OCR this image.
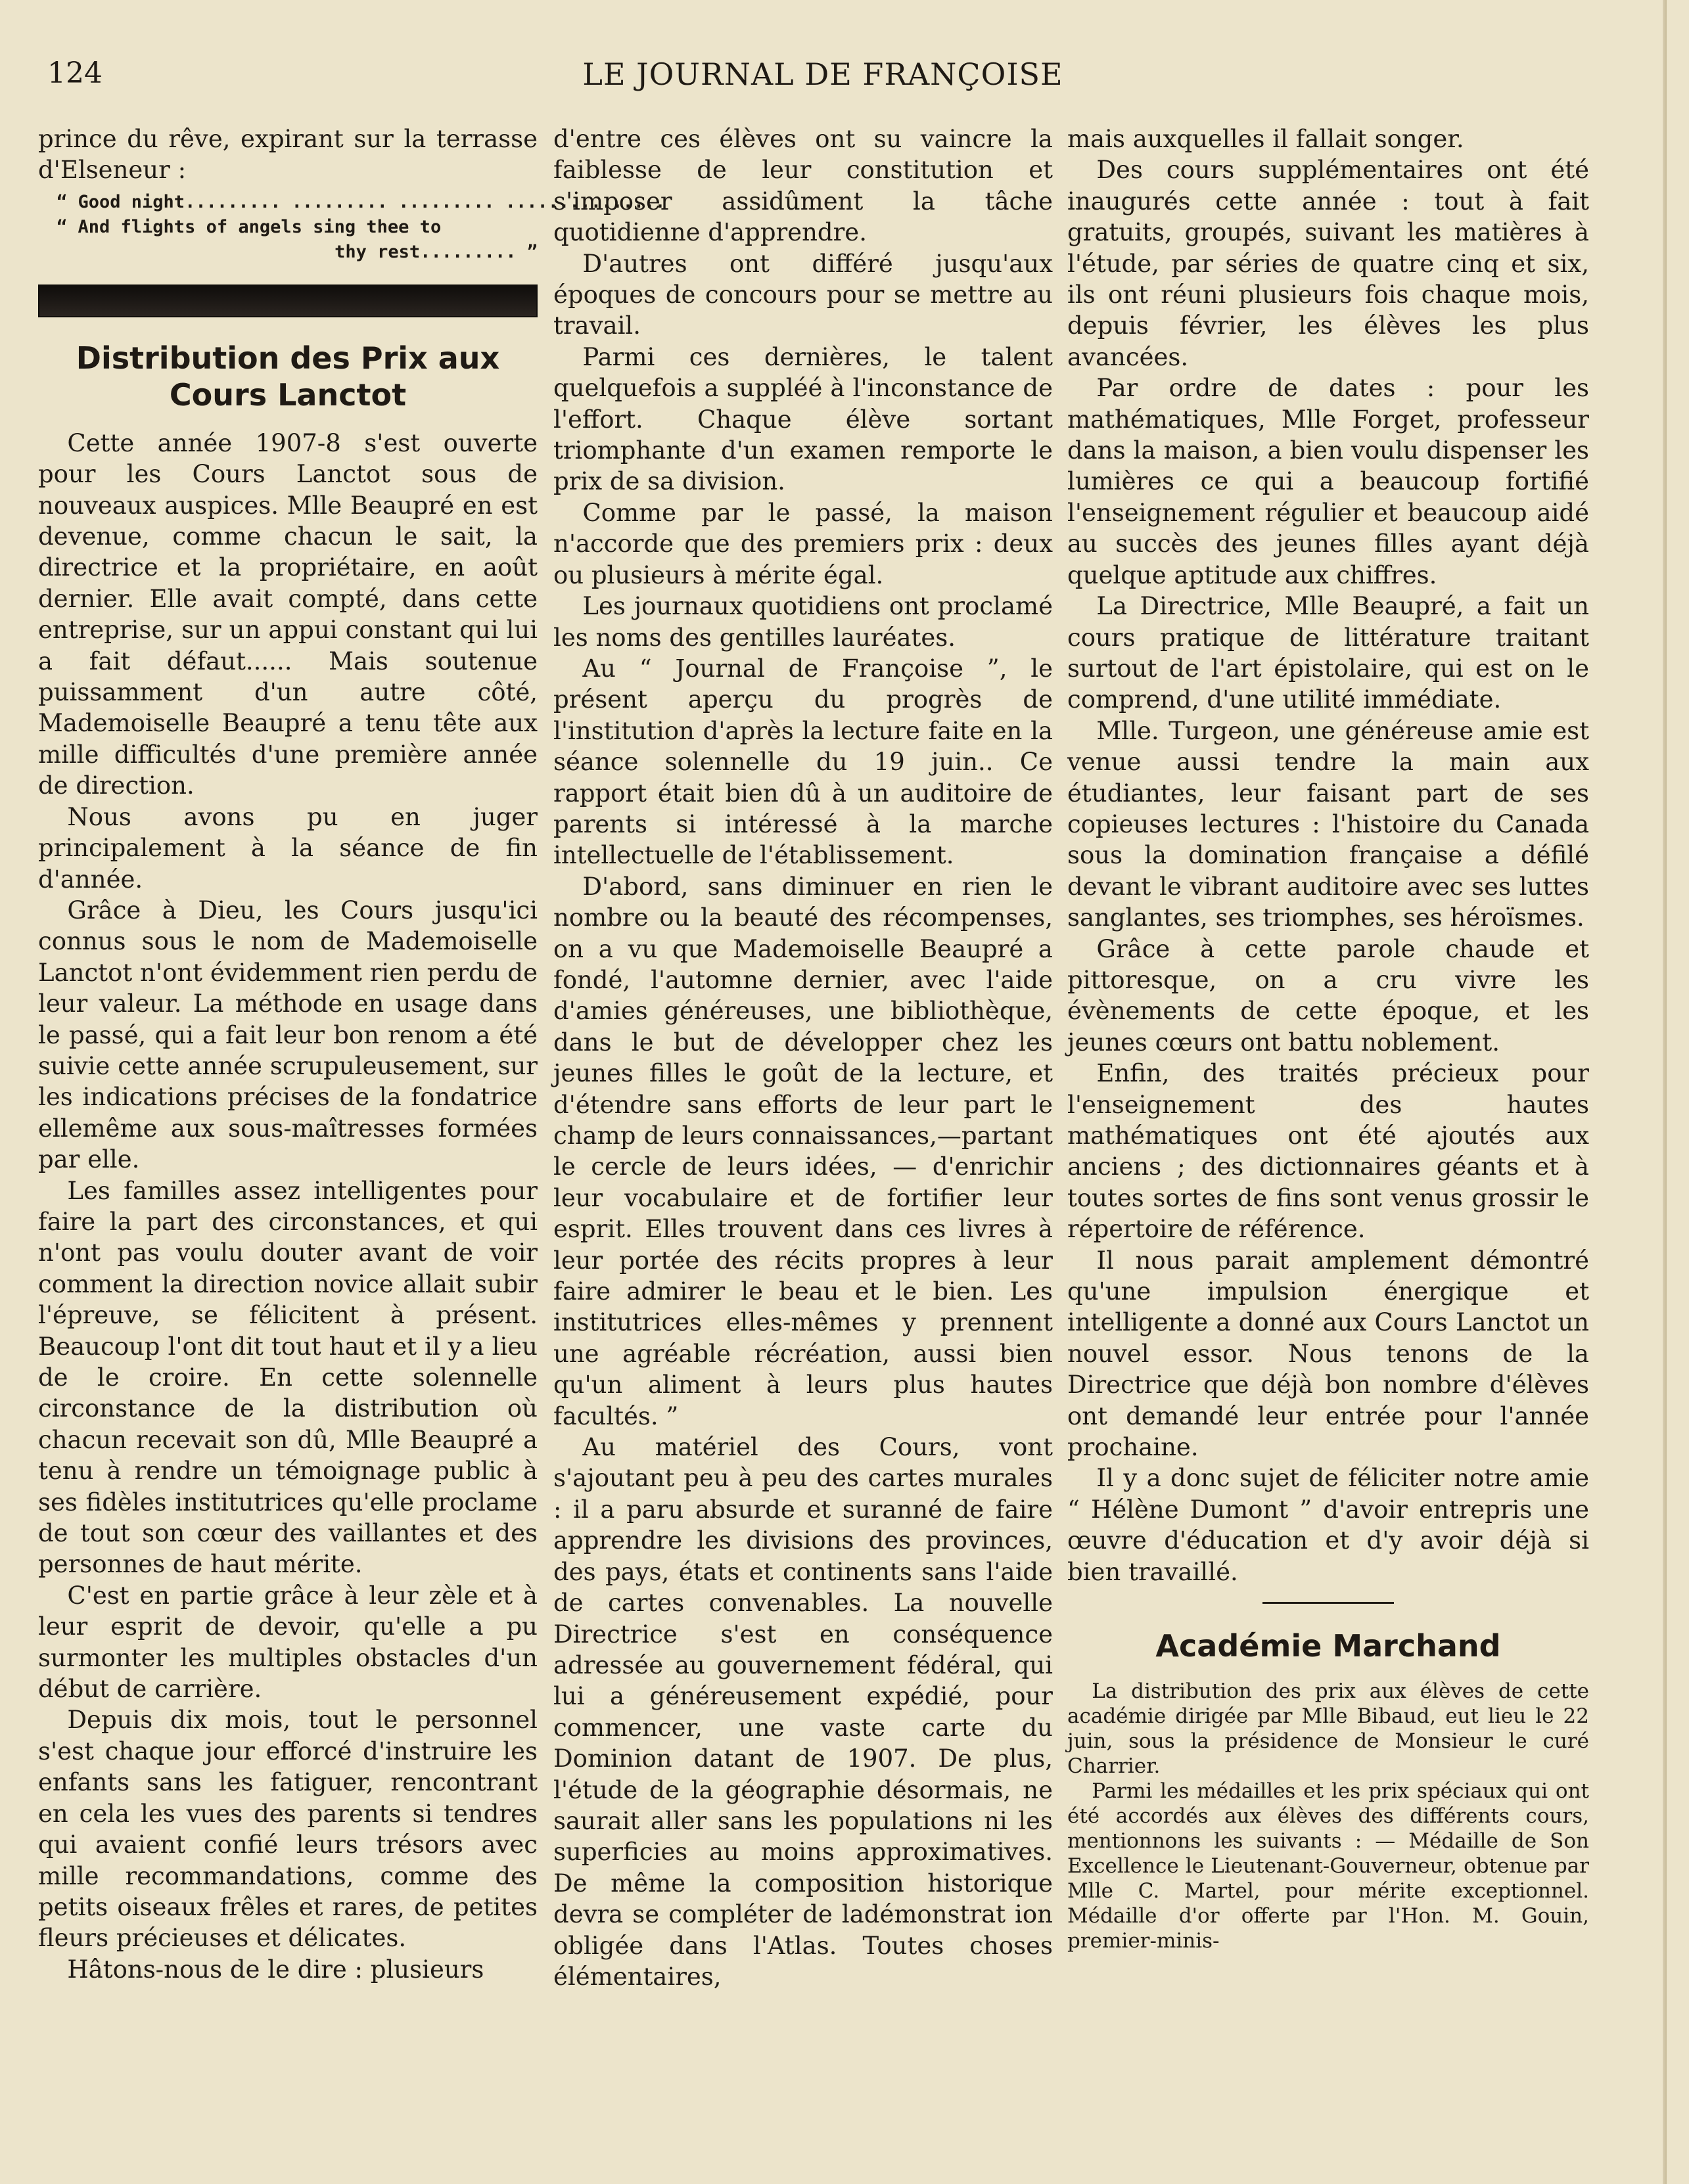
124	LE JOURNAL DE FRANÇOISE

prince du rêve, expirant sur la terrasse d'Elseneur :

“ Good night......... ......... ......... ...............
“ And flights of angels sing thee to
thy rest......... ”
Distribution des Prix aux Cours Lanctot

Cette année 1907-8 s'est ouverte pour les Cours Lanctot sous de nouveaux auspices. Mlle Beaupré en est devenue, comme chacun le sait, la directrice et la propriétaire, en août dernier. Elle avait compté, dans cette entreprise, sur un appui constant qui lui a fait défaut...... Mais soutenue puissamment d'un autre côté, Mademoiselle Beaupré a tenu tête aux mille difficultés d'une première année de direction.

Nous avons pu en juger principalement à la séance de fin d'année.

Grâce à Dieu, les Cours jusqu'ici connus sous le nom de Mademoiselle Lanctot n'ont évidemment rien perdu de leur valeur. La méthode en usage dans le passé, qui a fait leur bon renom a été suivie cette année scrupuleusement, sur les indications précises de la fondatrice ellemême aux sous-maîtresses formées par elle.

Les familles assez intelligentes pour faire la part des circonstances, et qui n'ont pas voulu douter avant de voir comment la direction novice allait subir l'épreuve, se félicitent à présent. Beaucoup l'ont dit tout haut et il y a lieu de le croire. En cette solennelle circonstance de la distribution où chacun recevait son dû, Mlle Beaupré a tenu à rendre un témoignage public à ses fidèles institutrices qu'elle proclame de tout son cœur des vaillantes et des personnes de haut mérite.

C'est en partie grâce à leur zèle et à leur esprit de devoir, qu'elle a pu surmonter les multiples obstacles d'un début de carrière.

Depuis dix mois, tout le personnel s'est chaque jour efforcé d'instruire les enfants sans les fatiguer, rencontrant en cela les vues des parents si tendres qui avaient confié leurs trésors avec mille recommandations, comme des petits oiseaux frêles et rares, de petites fleurs précieuses et délicates.

Hâtons-nous de le dire : plusieurs

d'entre ces élèves ont su vaincre la faiblesse de leur constitution et s'imposer assidûment la tâche quotidienne d'apprendre.

D'autres ont différé jusqu'aux époques de concours pour se mettre au travail.

Parmi ces dernières, le talent quelquefois a suppléé à l'inconstance de l'effort. Chaque élève sortant triomphante d'un examen remporte le prix de sa division.

Comme par le passé, la maison n'accorde que des premiers prix : deux ou plusieurs à mérite égal.

Les journaux quotidiens ont proclamé les noms des gentilles lauréates.

Au “ Journal de Françoise ”, le présent aperçu du progrès de l'institution d'après la lecture faite en la séance solennelle du 19 juin.. Ce rapport était bien dû à un auditoire de parents si intéressé à la marche intellectuelle de l'établissement.

D'abord, sans diminuer en rien le nombre ou la beauté des récompenses, on a vu que Mademoiselle Beaupré a fondé, l'automne dernier, avec l'aide d'amies généreuses, une bibliothèque, dans le but de développer chez les jeunes filles le goût de la lecture, et d'étendre sans efforts de leur part le champ de leurs connaissances,—partant le cercle de leurs idées, — d'enrichir leur vocabulaire et de fortifier leur esprit. Elles trouvent dans ces livres à leur portée des récits propres à leur faire admirer le beau et le bien. Les institutrices elles-mêmes y prennent une agréable récréation, aussi bien qu'un aliment à leurs plus hautes facultés. ”

Au matériel des Cours, vont s'ajoutant peu à peu des cartes murales : il a paru absurde et suranné de faire apprendre les divisions des provinces, des pays, états et continents sans l'aide de cartes convenables. La nouvelle Directrice s'est en conséquence adressée au gouvernement fédéral, qui lui a généreusement expédié, pour commencer, une vaste carte du Dominion datant de 1907. De plus, l'étude de la géographie désormais, ne saurait aller sans les populations ni les superficies au moins approximatives. De même la composition historique devra se compléter de ladémonstrat ion obligée dans l'Atlas. Toutes choses élémentaires,

mais auxquelles il fallait songer.

Des cours supplémentaires ont été inaugurés cette année : tout à fait gratuits, groupés, suivant les matières à l'étude, par séries de quatre cinq et six, ils ont réuni plusieurs fois chaque mois, depuis février, les élèves les plus avancées.

Par ordre de dates : pour les mathématiques, Mlle Forget, professeur dans la maison, a bien voulu dispenser les lumières ce qui a beaucoup fortifié l'enseignement régulier et beaucoup aidé au succès des jeunes filles ayant déjà quelque aptitude aux chiffres.

La Directrice, Mlle Beaupré, a fait un cours pratique de littérature traitant surtout de l'art épistolaire, qui est on le comprend, d'une utilité immédiate.

Mlle. Turgeon, une généreuse amie est venue aussi tendre la main aux étudiantes, leur faisant part de ses copieuses lectures : l'histoire du Canada sous la domination française a défilé devant le vibrant auditoire avec ses luttes sanglantes, ses triomphes, ses héroïsmes.

Grâce à cette parole chaude et pittoresque, on a cru vivre les évènements de cette époque, et les jeunes cœurs ont battu noblement.

Enfin, des traités précieux pour l'enseignement des hautes mathématiques ont été ajoutés aux anciens ; des dictionnaires géants et à toutes sortes de fins sont venus grossir le répertoire de référence.

Il nous parait amplement démontré qu'une impulsion énergique et intelligente a donné aux Cours Lanctot un nouvel essor. Nous tenons de la Directrice que déjà bon nombre d'élèves ont demandé leur entrée pour l'année prochaine.

Il y a donc sujet de féliciter notre amie “ Hélène Dumont ” d'avoir entrepris une œuvre d'éducation et d'y avoir déjà si bien travaillé.

Académie Marchand

La distribution des prix aux élèves de cette académie dirigée par Mlle Bibaud, eut lieu le 22 juin, sous la présidence de Monsieur le curé Charrier.

Parmi les médailles et les prix spéciaux qui ont été accordés aux élèves des différents cours, mentionnons les suivants : — Médaille de Son Excellence le Lieutenant-Gouverneur, obtenue par Mlle C. Martel, pour mérite exceptionnel. Médaille d'or offerte par l'Hon. M. Gouin, premier-minis-
